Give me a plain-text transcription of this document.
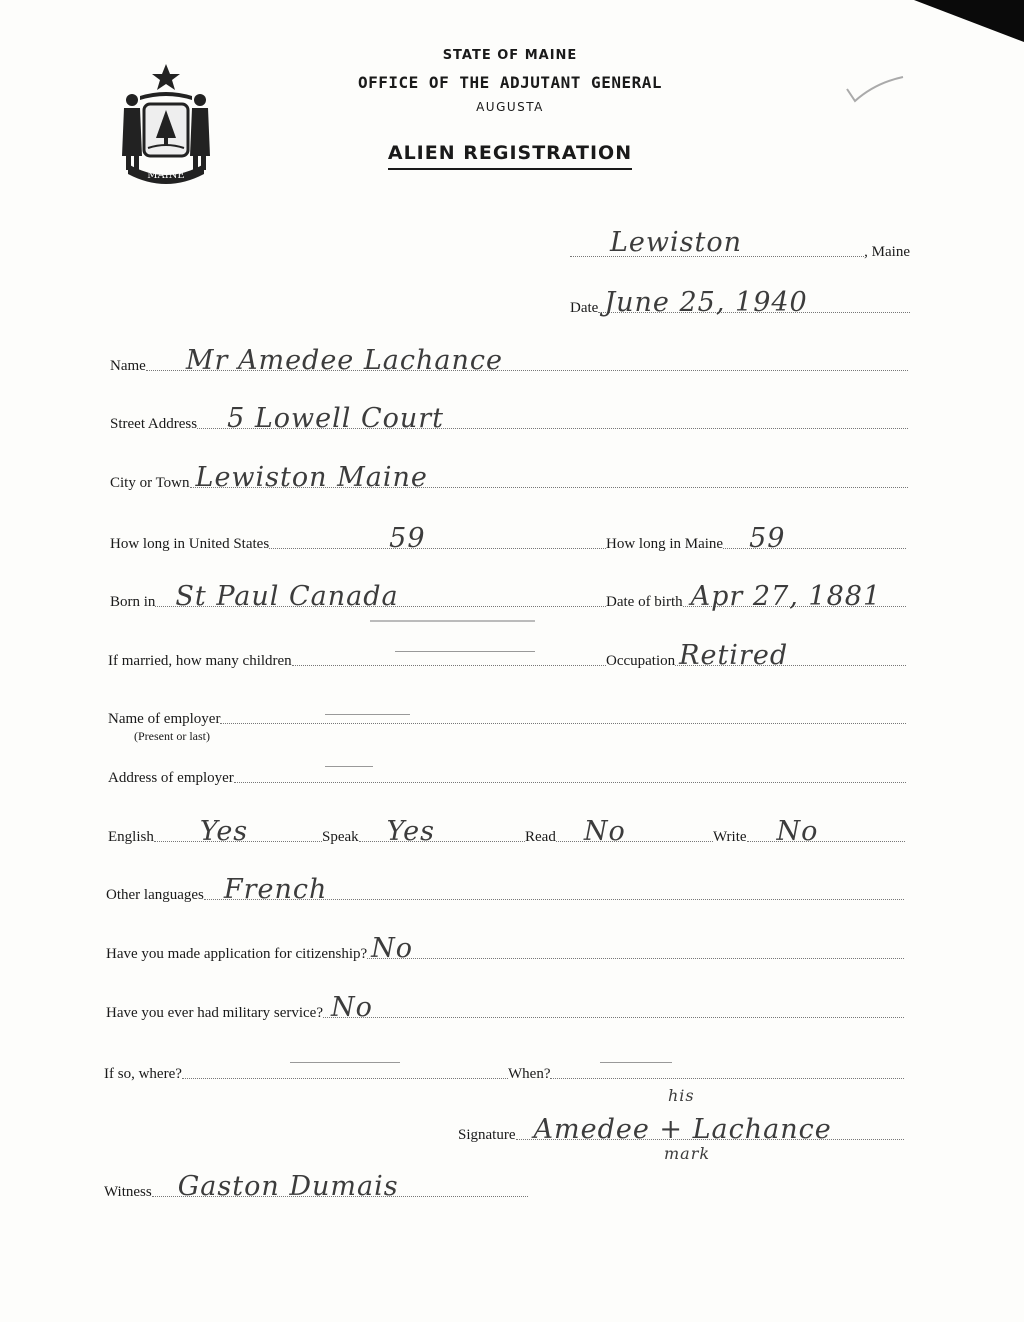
MAINE
STATE OF MAINE
OFFICE OF THE ADJUTANT GENERAL
AUGUSTA
ALIEN REGISTRATION
Lewiston	, Maine
Date June 25, 1940
Name Mr Amedee Lachance
Street Address 5 Lowell Court
City or Town Lewiston Maine
How long in United States	59	How long in Maine 59
Born in St Paul Canada	Date of birth Apr 27, 1881
If married, how many children	Occupation Retired
Name of employer
(Present or last)
Address of employer
English Yes	Speak Yes	Read No	Write No
Other languages French
Have you made application for citizenship? No
Have you ever had military service? No
If so, where?	When?
Signature Amedee + Lachance
his
mark
Witness Gaston Dumais
